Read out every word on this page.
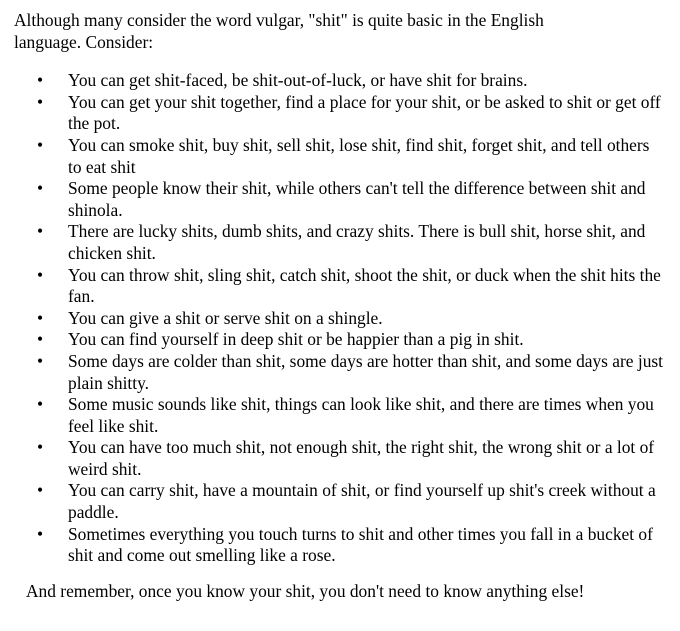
Although many consider the word vulgar, "shit" is quite basic in the English
language. Consider:

• You can get shit-faced, be shit-out-of-luck, or have shit for brains.
• You can get your shit together, find a place for your shit, or be asked to shit or get off the pot.
• You can smoke shit, buy shit, sell shit, lose shit, find shit, forget shit, and tell others to eat shit
• Some people know their shit, while others can't tell the difference between shit and shinola.
• There are lucky shits, dumb shits, and crazy shits. There is bull shit, horse shit, and chicken shit.
• You can throw shit, sling shit, catch shit, shoot the shit, or duck when the shit hits the fan.
• You can give a shit or serve shit on a shingle.
• You can find yourself in deep shit or be happier than a pig in shit.
• Some days are colder than shit, some days are hotter than shit, and some days are just plain shitty.
• Some music sounds like shit, things can look like shit, and there are times when you feel like shit.
• You can have too much shit, not enough shit, the right shit, the wrong shit or a lot of weird shit.
• You can carry shit, have a mountain of shit, or find yourself up shit's creek without a paddle.
• Sometimes everything you touch turns to shit and other times you fall in a bucket of shit and come out smelling like a rose.

And remember, once you know your shit, you don't need to know anything else!
